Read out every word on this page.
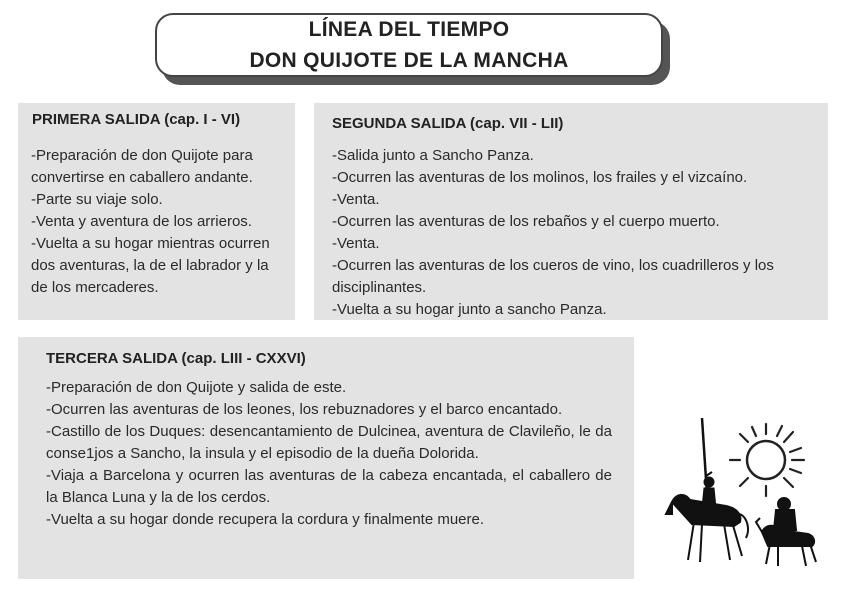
LÍNEA DEL TIEMPO
DON QUIJOTE DE LA MANCHA
PRIMERA SALIDA (cap. I - VI)
-Preparación de don Quijote para convertirse en caballero andante.
-Parte su viaje solo.
-Venta y aventura de los arrieros.
-Vuelta a su hogar mientras ocurren dos aventuras, la de el labrador y la de los mercaderes.
SEGUNDA SALIDA (cap. VII - LII)
-Salida junto a Sancho Panza.
-Ocurren las aventuras de los molinos, los frailes y el vizcaíno.
-Venta.
-Ocurren las aventuras de los rebaños y el cuerpo muerto.
-Venta.
-Ocurren las aventuras de los cueros de vino, los cuadrilleros y los disciplinantes.
-Vuelta a su hogar junto a sancho Panza.
TERCERA SALIDA (cap. LIII - CXXVI)
-Preparación de don Quijote y salida de este.
-Ocurren las aventuras de los leones, los rebuznadores y el barco encantado.
-Castillo de los Duques: desencantamiento de Dulcinea, aventura de Clavileño, le da conse1jos a Sancho, la insula y el episodio de la dueña Dolorida.
-Viaja a Barcelona y ocurren las aventuras de la cabeza encantada, el caballero de la Blanca Luna y la de los cerdos.
-Vuelta a su hogar donde recupera la cordura y finalmente muere.
